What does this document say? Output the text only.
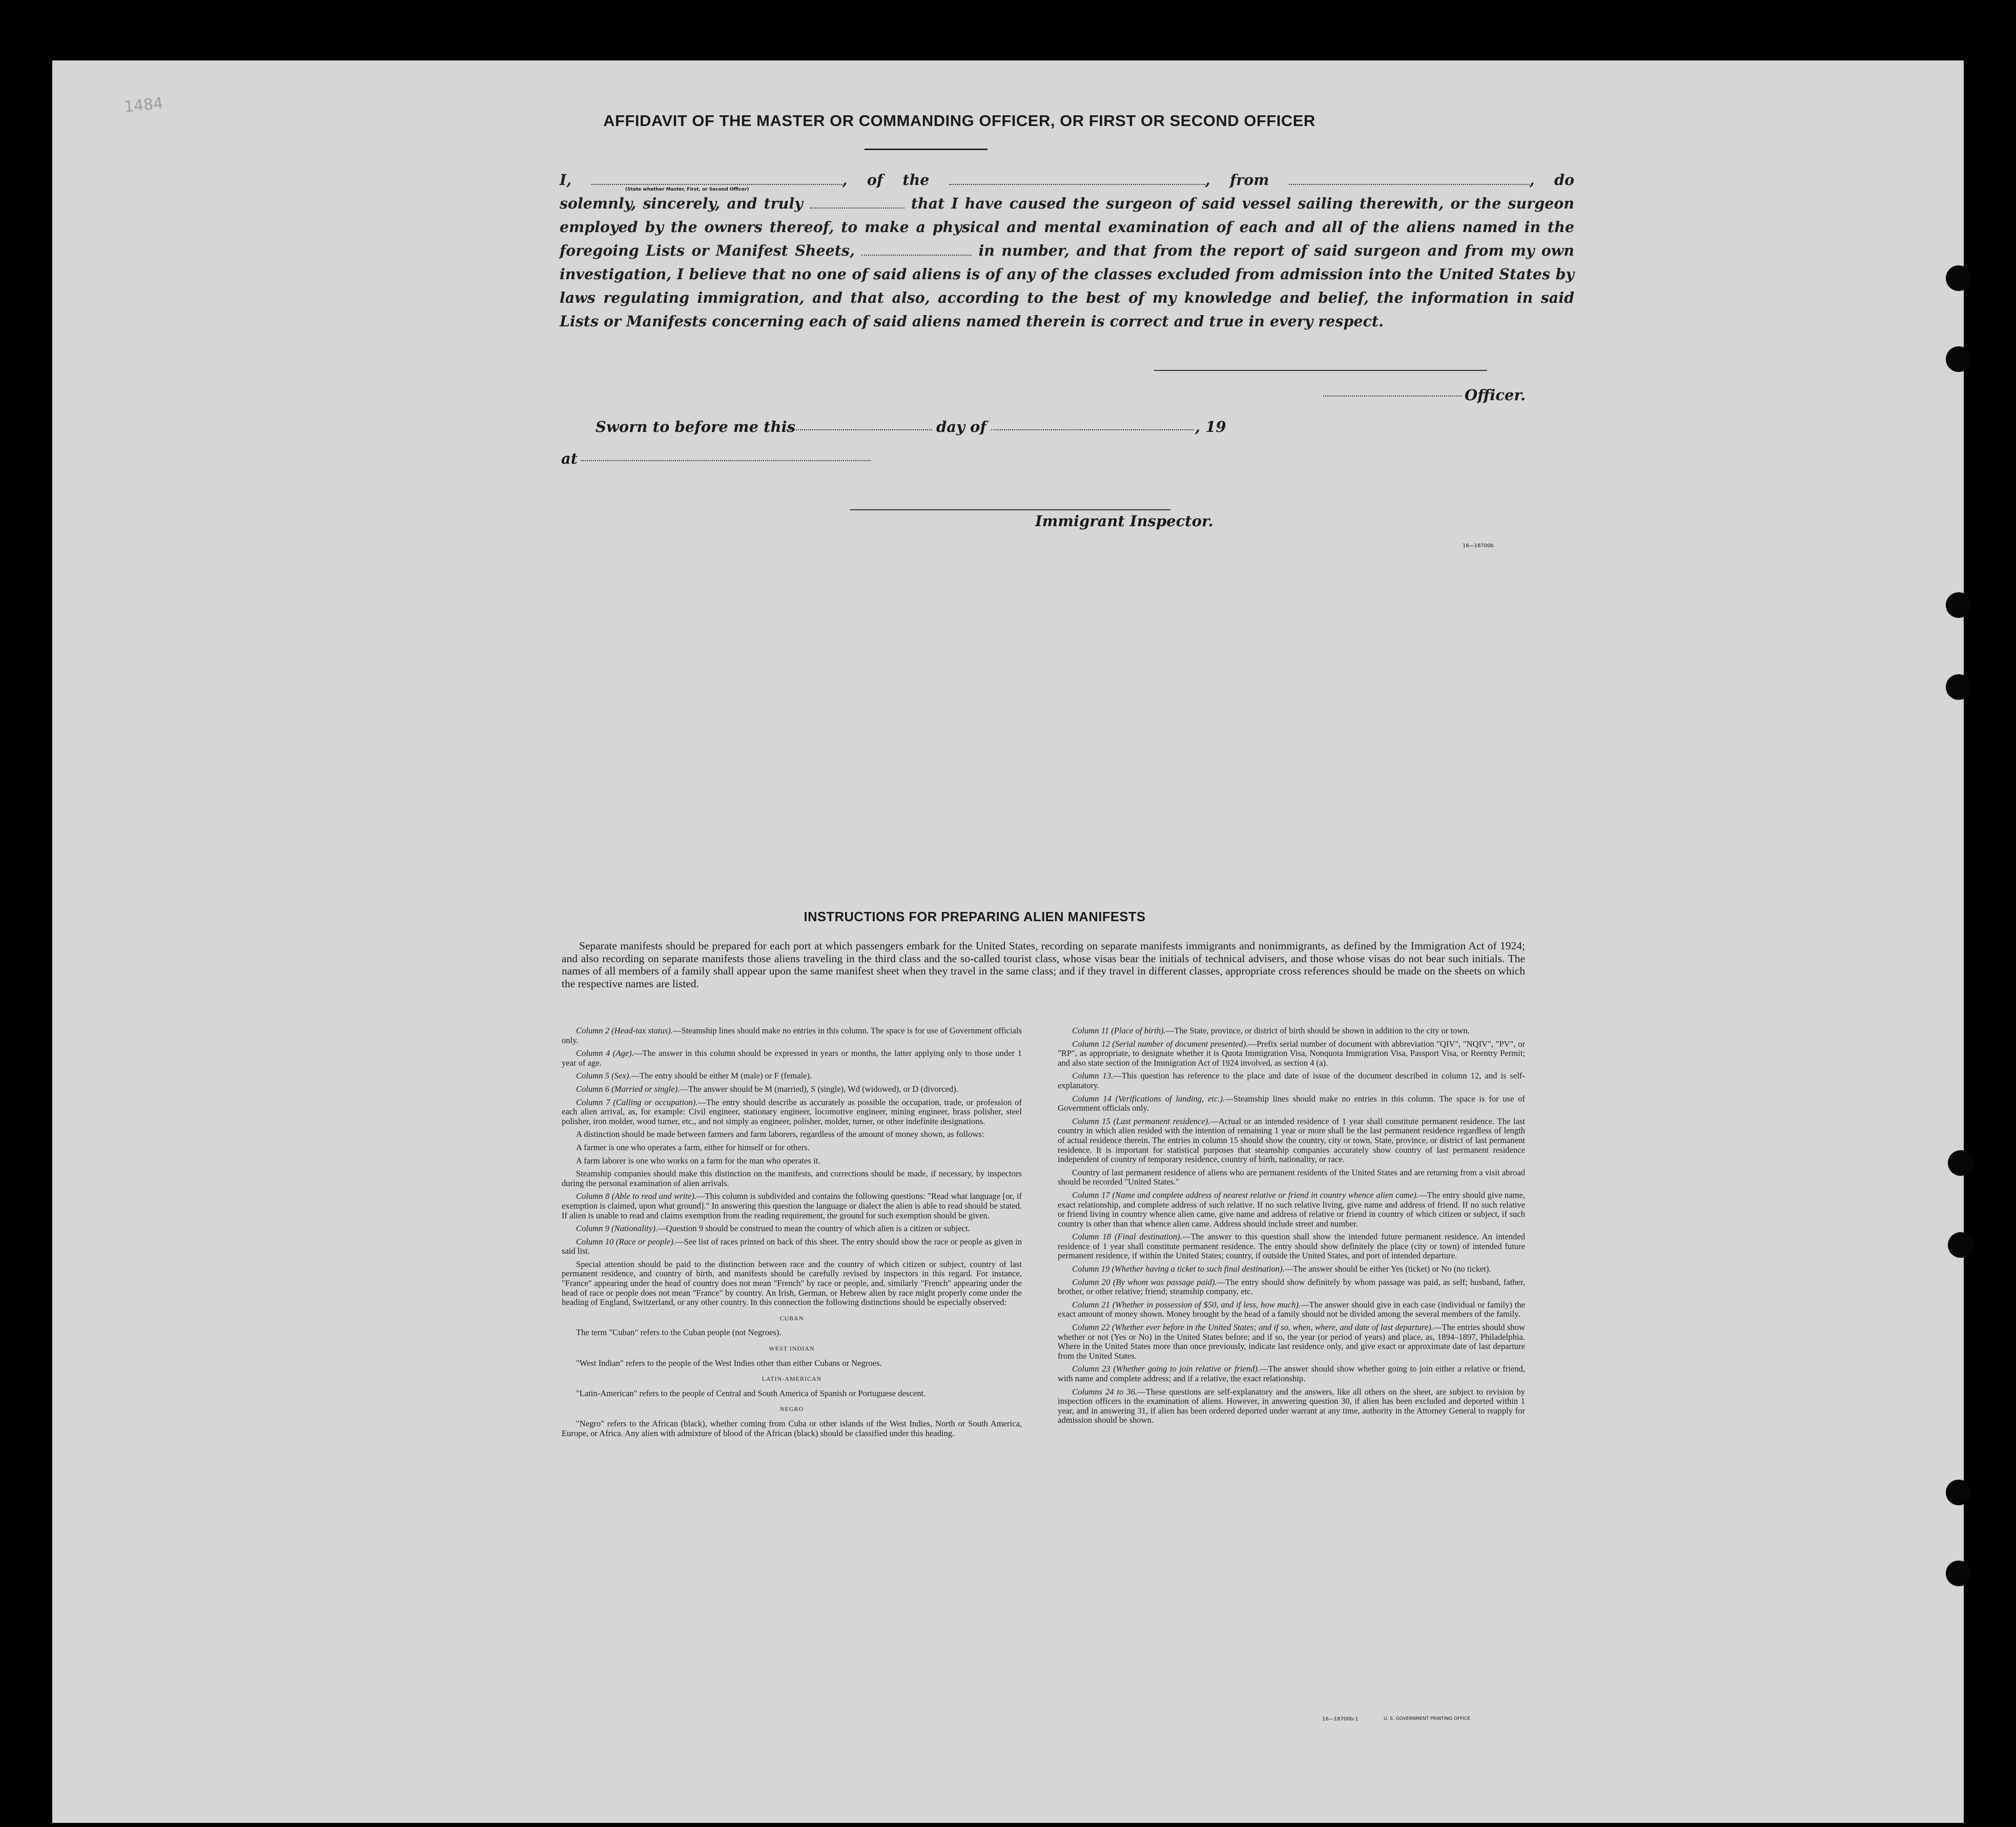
1484
AFFIDAVIT OF THE MASTER OR COMMANDING OFFICER, OR FIRST OR SECOND OFFICER

I,	, of the	, from	, do

solemnly, sincerely, and truly	that I have caused the surgeon of said vessel sailing therewith, or the surgeon

employed by the owners thereof, to make a physical and mental examination of each and all of the aliens named in the

foregoing Lists or Manifest Sheets,	in number, and that from the report of said surgeon and from my own

investigation, I believe that no one of said aliens is of any of the classes excluded from admission into the United States by

laws regulating immigration, and that also, according to the best of my knowledge and belief, the information in said

Lists or Manifests concerning each of said aliens named therein is correct and true in every respect.

(State whether Master, First, or Second Officer)
Officer.
Sworn to before me this	day of	, 19
at
Immigrant Inspector.
16—18700b
INSTRUCTIONS FOR PREPARING ALIEN MANIFESTS

Separate manifests should be prepared for each port at which passengers embark for the United States, recording on separate manifests immigrants and nonimmigrants, as defined by the Immigration Act of 1924; and also recording on separate manifests those aliens traveling in the third class and the so-called tourist class, whose visas bear the initials of technical advisers, and those whose visas do not bear such initials. The names of all members of a family shall appear upon the same manifest sheet when they travel in the same class; and if they travel in different classes, appropriate cross references should be made on the sheets on which the respective names are listed.

Column 2 (Head-tax status).—Steamship lines should make no entries in this column. The space is for use of Government officials only.

Column 4 (Age).—The answer in this column should be expressed in years or months, the latter applying only to those under 1 year of age.

Column 5 (Sex).—The entry should be either M (male) or F (female).

Column 6 (Married or single).—The answer should be M (married), S (single), Wd (widowed), or D (divorced).

Column 7 (Calling or occupation).—The entry should describe as accurately as possible the occupation, trade, or profession of each alien arrival, as, for example: Civil engineer, stationary engineer, locomotive engineer, mining engineer, brass polisher, steel polisher, iron molder, wood turner, etc., and not simply as engineer, polisher, molder, turner, or other indefinite designations.

A distinction should be made between farmers and farm laborers, regardless of the amount of money shown, as follows:

A farmer is one who operates a farm, either for himself or for others.

A farm laborer is one who works on a farm for the man who operates it.

Steamship companies should make this distinction on the manifests, and corrections should be made, if necessary, by inspectors during the personal examination of alien arrivals.

Column 8 (Able to read and write).—This column is subdivided and contains the following questions: "Read what language [or, if exemption is claimed, upon what ground]." In answering this question the language or dialect the alien is able to read should be stated. If alien is unable to read and claims exemption from the reading requirement, the ground for such exemption should be given.

Column 9 (Nationality).—Question 9 should be construed to mean the country of which alien is a citizen or subject.

Column 10 (Race or people).—See list of races printed on back of this sheet. The entry should show the race or people as given in said list.

Special attention should be paid to the distinction between race and the country of which citizen or subject, country of last permanent residence, and country of birth, and manifests should be carefully revised by inspectors in this regard. For instance, "France" appearing under the head of country does not mean "French" by race or people, and, similarly "French" appearing under the head of race or people does not mean "France" by country. An Irish, German, or Hebrew alien by race might properly come under the heading of England, Switzerland, or any other country. In this connection the following distinctions should be especially observed:

CUBAN

The term "Cuban" refers to the Cuban people (not Negroes).

WEST INDIAN

"West Indian" refers to the people of the West Indies other than either Cubans or Negroes.

LATIN-AMERICAN

"Latin-American" refers to the people of Central and South America of Spanish or Portuguese descent.

NEGRO

"Negro" refers to the African (black), whether coming from Cuba or other islands of the West Indies, North or South America, Europe, or Africa. Any alien with admixture of blood of the African (black) should be classified under this heading.

Column 11 (Place of birth).—The State, province, or district of birth should be shown in addition to the city or town.

Column 12 (Serial number of document presented).—Prefix serial number of document with abbreviation "QIV", "NQIV", "PV", or "RP", as appropriate, to designate whether it is Quota Immigration Visa, Nonquota Immigration Visa, Passport Visa, or Reentry Permit; and also state section of the Immigration Act of 1924 involved, as section 4 (a).

Column 13.—This question has reference to the place and date of issue of the document described in column 12, and is self-explanatory.

Column 14 (Verifications of landing, etc.).—Steamship lines should make no entries in this column. The space is for use of Government officials only.

Column 15 (Last permanent residence).—Actual or an intended residence of 1 year shall constitute permanent residence. The last country in which alien resided with the intention of remaining 1 year or more shall be the last permanent residence regardless of length of actual residence therein. The entries in column 15 should show the country, city or town, State, province, or district of last permanent residence. It is important for statistical purposes that steamship companies accurately show country of last permanent residence independent of country of temporary residence, country of birth, nationality, or race.

Country of last permanent residence of aliens who are permanent residents of the United States and are returning from a visit abroad should be recorded "United States."

Column 17 (Name and complete address of nearest relative or friend in country whence alien came).—The entry should give name, exact relationship, and complete address of such relative. If no such relative living, give name and address of friend. If no such relative or friend living in country whence alien came, give name and address of relative or friend in country of which citizen or subject, if such country is other than that whence alien came. Address should include street and number.

Column 18 (Final destination).—The answer to this question shall show the intended future permanent residence. An intended residence of 1 year shall constitute permanent residence. The entry should show definitely the place (city or town) of intended future permanent residence, if within the United States; country, if outside the United States, and port of intended departure.

Column 19 (Whether having a ticket to such final destination).—The answer should be either Yes (ticket) or No (no ticket).

Column 20 (By whom was passage paid).—The entry should show definitely by whom passage was paid, as self; husband, father, brother, or other relative; friend; steamship company, etc.

Column 21 (Whether in possession of $50, and if less, how much).—The answer should give in each case (individual or family) the exact amount of money shown. Money brought by the head of a family should not be divided among the several members of the family.

Column 22 (Whether ever before in the United States; and if so, when, where, and date of last departure).—The entries should show whether or not (Yes or No) in the United States before; and if so, the year (or period of years) and place, as, 1894–1897, Philadelphia. Where in the United States more than once previously, indicate last residence only, and give exact or approximate date of last departure from the United States.

Column 23 (Whether going to join relative or friend).—The answer should show whether going to join either a relative or friend, with name and complete address; and if a relative, the exact relationship.

Columns 24 to 36.—These questions are self-explanatory and the answers, like all others on the sheet, are subject to revision by inspection officers in the examination of aliens. However, in answering question 30, if alien has been excluded and deported within 1 year, and in answering 31, if alien has been ordered deported under warrant at any time, authority in the Attorney General to reapply for admission should be shown.

16—18700b-1	U. S. GOVERNMENT PRINTING OFFICE
